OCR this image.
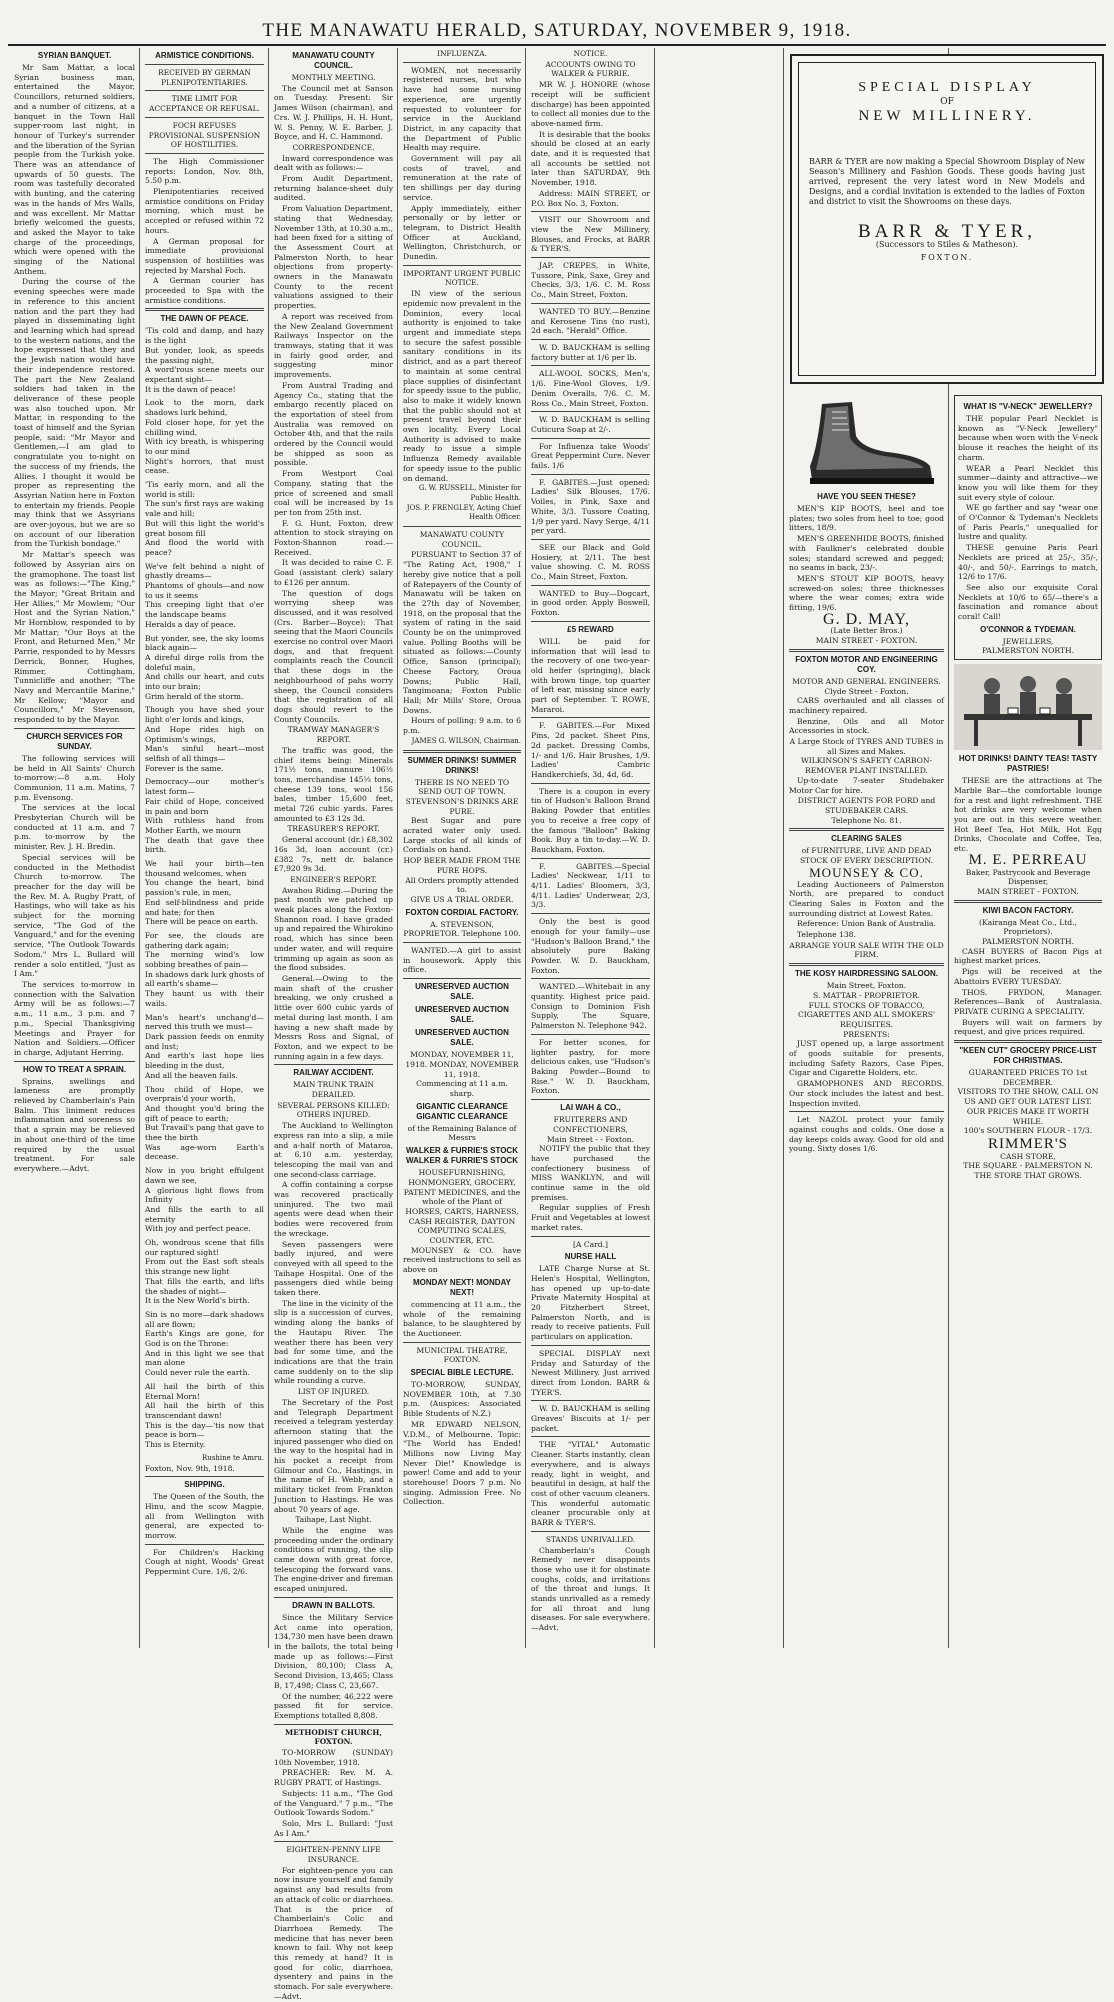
THE MANAWATU HERALD, SATURDAY, NOVEMBER 9, 1918.
SYRIAN BANQUET.

Mr Sam Mattar, a local Syrian business man, entertained the Mayor, Councillors, returned soldiers, and a number of citizens, at a banquet in the Town Hall supper-room last night, in honour of Turkey's surrender and the liberation of the Syrian people from the Turkish yoke. There was an attendance of upwards of 50 guests. The room was tastefully decorated with bunting, and the catering was in the hands of Mrs Walls, and was excellent. Mr Mattar briefly welcomed the guests, and asked the Mayor to take charge of the proceedings, which were opened with the singing of the National Anthem.

During the course of the evening speeches were made in reference to this ancient nation and the part they had played in disseminating light and learning which had spread to the western nations, and the hope expressed that they and the Jewish nation would have their independence restored. The part the New Zealand soldiers had taken in the deliverance of these people was also touched upon. Mr Mattar, in responding to the toast of himself and the Syrian people, said: "Mr Mayor and Gentlemen,—I am glad to congratulate you to-night on the success of my friends, the Allies. I thought it would be proper as representing the Assyrian Nation here in Foxton to entertain my friends. People may think that we Assyrians are over-joyous, but we are so on account of our liberation from the Turkish bondage."

Mr Mattar's speech was followed by Assyrian airs on the gramophone. The toast list was as follows:—"The King," the Mayor; "Great Britain and Her Allies," Mr Mowlem; "Our Host and the Syrian Nation," Mr Hornblow, responded to by Mr Mattar; "Our Boys at the Front, and Returned Men," Mr Parrie, responded to by Messrs Derrick, Bonner, Hughes, Rimmer, Cottingham, Tunnicliffe and another; "The Navy and Mercantile Marine," Mr Kellow; "Mayor and Councillors," Mr Stevenson, responded to by the Mayor.

CHURCH SERVICES FOR SUNDAY.

The following services will be held in All Saints' Church to-morrow:—8 a.m. Holy Communion, 11 a.m. Matins, 7 p.m. Evensong.

The services at the local Presbyterian Church will be conducted at 11 a.m. and 7 p.m. to-morrow by the minister, Rev. J. H. Bredin.

Special services will be conducted in the Methodist Church to-morrow. The preacher for the day will be the Rev. M. A. Rugby Pratt, of Hastings, who will take as his subject for the morning service, "The God of the Vanguard," and for the evening service, "The Outlook Towards Sodom." Mrs L. Bullard will render a solo entitled, "Just as I Am."

The services to-morrow in connection with the Salvation Army will be as follows:—7 a.m., 11 a.m., 3 p.m. and 7 p.m., Special Thanksgiving Meetings and Prayer for Nation and Soldiers.—Officer in charge, Adjutant Herring.

HOW TO TREAT A SPRAIN.

Sprains, swellings and lameness are promptly relieved by Chamberlain's Pain Balm. This liniment reduces inflammation and soreness so that a sprain may be relieved in about one-third of the time required by the usual treatment. For sale everywhere.—Advt.

ARMISTICE CONDITIONS.
RECEIVED BY GERMAN PLENIPOTENTIARIES.
TIME LIMIT FOR ACCEPTANCE OR REFUSAL.
FOCH REFUSES PROVISIONAL SUSPENSION OF HOSTILITIES.

The High Commissioner reports: London, Nov. 8th, 5.50 p.m.

Plenipotentiaries received armistice conditions on Friday morning, which must be accepted or refused within 72 hours.

A German proposal for immediate provisional suspension of hostilities was rejected by Marshal Foch.

A German courier has proceeded to Spa with the armistice conditions.

THE DAWN OF PEACE.

'Tis cold and damp, and hazy is the light

But yonder, look, as speeds the passing night,

A word'rous scene meets our expectant sight—

It is the dawn of peace!

Look to the morn, dark shadows lurk behind,

Fold closer hope, for yet the chilling wind,

With icy breath, is whispering to our mind

Night's horrors, that must cease.

'Tis early morn, and all the world is still:

The sun's first rays are waking vale and hill;

But will this light the world's great bosom fill

And flood the world with peace?

We've felt behind a night of ghastly dreams—

Phantoms of ghouls—and now to us it seems

This creeping light that o'er the landscape beams

Heralds a day of peace.

But yonder, see, the sky looms black again—

A direful dirge rolls from the doleful main,

And chills our heart, and cuts into our brain;

Grim herald of the storm.

Though you have shed your light o'er lords and kings,

And Hope rides high on Optimism's wings,

Man's sinful heart—most selfish of all things—

Forever is the same.

Democracy—our mother's latest form—

Fair child of Hope, conceived in pain and born

With ruthless hand from Mother Earth, we mourn

The death that gave thee birth.

We hail your birth—ten thousand welcomes, when

You change the heart, bind passion's rule, in men,

End self-blindness and pride and hate; for then

There will be peace on earth.

For see, the clouds are gathering dark again;

The morning wind's low sobbing breathes of pain—

In shadows dark lurk ghosts of all earth's shame—

They haunt us with their wails.

Man's heart's unchang'd—nerved this truth we must—

Dark passion feeds on enmity and lust;

And earth's last hope lies bleeding in the dust,

And all the heaven fails.

Thou child of Hope, we overprais'd your worth,

And thought you'd bring the gift of peace to earth;

But Travail's pang that gave to thee the birth

Was age-worn Earth's decease.

Now in you bright effulgent dawn we see,

A glorious light flows from Infinity

And fills the earth to all eternity

With joy and perfect peace.

Oh, wondrous scene that fills our raptured sight!

From out the East soft steals this strange new light

That fills the earth, and lifts the shades of night—

It is the New World's birth.

Sin is no more—dark shadows all are flown;

Earth's Kings are gone, for God is on the Throne:

And in this light we see that man alone

Could never rule the earth.

All hail the birth of this Eternal Morn!

All hail the birth of this transcendant dawn!

This is the day—'tis now that peace is born—

This is Eternity.

Rushine te Amru.
Foxton, Nov. 9th, 1918.
SHIPPING.

The Queen of the South, the Hinu, and the scow Magpie, all from Wellington with general, are expected to-morrow.

For Children's Hacking Cough at night, Woods' Great Peppermint Cure. 1/6, 2/6.

MANAWATU COUNTY COUNCIL.
MONTHLY MEETING.

The Council met at Sanson on Tuesday. Present: Sir James Wilson (chairman), and Crs. W. J. Phillips, H. H. Hunt, W. S. Penny, W. E. Barber, J. Boyce, and H. C. Hammond.

CORRESPONDENCE.

Inward correspondence was dealt with as follows:—

From Audit Department, returning balance-sheet duly audited.

From Valuation Department, stating that Wednesday, November 13th, at 10.30 a.m., had been fixed for a sitting of the Assessment Court at Palmerston North, to hear objections from property-owners in the Manawatu County to the recent valuations assigned to their properties.

A report was received from the New Zealand Government Railways Inspector on the tramways, stating that it was in fairly good order, and suggesting minor improvements.

From Austral Trading and Agency Co., stating that the embargo recently placed on the exportation of steel from Australia was removed on October 4th, and that the rails ordered by the Council would be shipped as soon as possible.

From Westport Coal Company, stating that the price of screened and small coal will be increased by 1s per ton from 25th inst.

F. G. Hunt, Foxton, drew attention to stock straying on Foxton-Shannon road.—Received.

It was decided to raise C. F. Goad (assistant clerk) salary to £126 per annum.

The question of dogs worrying sheep was discussed, and it was resolved (Crs. Barber—Boyce): That seeing that the Maori Councils exercise no control over Maori dogs, and that frequent complaints reach the Council that these dogs in the neighbourhood of pahs worry sheep, the Council considers that the registration of all dogs should revert to the County Councils.

TRAMWAY MANAGER'S REPORT.

The traffic was good, the chief items being: Minerals 171½ tons, manure 106½ tons, merchandise 145⅓ tons, cheese 139 tons, wool 156 bales, timber 15,600 feet, metal 726 cubic yards. Fares amounted to £3 12s 3d.

TREASURER'S REPORT.

General account (dr.) £8,302 16s 3d, loan account (cr.) £382 7s, nett dr. balance £7,920 9s 3d.

ENGINEER'S REPORT.

Awahou Riding.—During the past month we patched up weak places along the Foxton-Shannon road. I have graded up and repaired the Whirokino road, which has since been under water, and will require trimming up again as soon as the flood subsides.

General.—Owing to the main shaft of the crusher breaking, we only crushed a little over 600 cubic yards of metal during last month. I am having a new shaft made by Messrs Ross and Signal, of Foxton, and we expect to be running again in a few days.

RAILWAY ACCIDENT.
MAIN TRUNK TRAIN DERAILED.
SEVERAL PERSONS KILLED: OTHERS INJURED.

The Auckland to Wellington express ran into a slip, a mile and a-half north of Mataroa, at 6.10 a.m. yesterday, telescoping the mail van and one second-class carriage.

A coffin containing a corpse was recovered practically uninjured. The two mail agents were dead when their bodies were recovered from the wreckage.

Seven passengers were badly injured, and were conveyed with all speed to the Taihape Hospital. One of the passengers died while being taken there.

The line in the vicinity of the slip is a succession of curves, winding along the banks of the Hautapu River. The weather there has been very bad for some time, and the indications are that the train came suddenly on to the slip while rounding a curve.

LIST OF INJURED.

The Secretary of the Post and Telegraph Department received a telegram yesterday afternoon stating that the injured passenger who died on the way to the hospital had in his pocket a receipt from Gilmour and Co., Hastings, in the name of H. Webb, and a military ticket from Frankton Junction to Hastings. He was about 70 years of age.

Taihape, Last Night.

While the engine was proceeding under the ordinary conditions of running, the slip came down with great force, telescoping the forward vans. The engine-driver and fireman escaped uninjured.

DRAWN IN BALLOTS.

Since the Military Service Act came into operation, 134,730 men have been drawn in the ballots, the total being made up as follows:—First Division, 80,100; Class A, Second Division, 13,465; Class B, 17,498; Class C, 23,667.

Of the number, 46,222 were passed fit for service. Exemptions totalled 8,808.

METHODIST CHURCH, FOXTON.

TO-MORROW (SUNDAY) 10th November, 1918.

PREACHER: Rev. M. A. RUGBY PRATT, of Hastings.

Subjects: 11 a.m., "The God of the Vanguard." 7 p.m., "The Outlook Towards Sodom."

Solo, Mrs L. Bullard: "Just As I Am."

EIGHTEEN-PENNY LIFE INSURANCE.

For eighteen-pence you can now insure yourself and family against any bad results from an attack of colic or diarrhoea. That is the price of Chamberlain's Colic and Diarrhoea Remedy. The medicine that has never been known to fail. Why not keep this remedy at hand? It is good for colic, diarrhoea, dysentery and pains in the stomach. For sale everywhere.—Advt.

INFLUENZA.

WOMEN, not necessarily registered nurses, but who have had some nursing experience, are urgently requested to volunteer for service in the Auckland District, in any capacity that the Department of Public Health may require.

Government will pay all costs of travel, and remuneration at the rate of ten shillings per day during service.

Apply immediately, either personally or by letter or telegram, to District Health Officer at Auckland, Wellington, Christchurch, or Dunedin.

IMPORTANT URGENT PUBLIC NOTICE.

IN view of the serious epidemic now prevalent in the Dominion, every local authority is enjoined to take urgent and immediate steps to secure the safest possible sanitary conditions in its district, and as a part thereof to maintain at some central place supplies of disinfectant for speedy issue to the public, also to make it widely known that the public should not at present travel beyond their own locality. Every Local Authority is advised to make ready to issue a simple Influenza Remedy available for speedy issue to the public on demand.

G. W. RUSSELL, Minister for Public Health.
JOS. P. FRENGLEY, Acting Chief Health Officer.
MANAWATU COUNTY COUNCIL.

PURSUANT to Section 37 of "The Rating Act, 1908," I hereby give notice that a poll of Ratepayers of the County of Manawatu will be taken on the 27th day of November, 1918, on the proposal that the system of rating in the said County be on the unimproved value. Polling Booths will be situated as follows:—County Office, Sanson (principal); Cheese Factory, Oroua Downs; Public Hall, Tangimoana; Foxton Public Hall; Mr Mills' Store, Oroua Downs.

Hours of polling: 9 a.m. to 6 p.m.

JAMES G. WILSON, Chairman.
SUMMER DRINKS! SUMMER DRINKS!

THERE IS NO NEED TO SEND OUT OF TOWN. STEVENSON'S DRINKS ARE PURE.

Best Sugar and pure acrated water only used. Large stocks of all kinds of Cordials on hand.

HOP BEER MADE FROM THE PURE HOPS.

All Orders promptly attended to.

GIVE US A TRIAL ORDER.

FOXTON CORDIAL FACTORY.

A. STEVENSON, PROPRIETOR. Telephone 100.

WANTED.—A girl to assist in housework. Apply this office.

UNRESERVED AUCTION SALE.
UNRESERVED AUCTION SALE.
UNRESERVED AUCTION SALE.

MONDAY, NOVEMBER 11, 1918. MONDAY, NOVEMBER 11, 1918.

Commencing at 11 a.m. sharp.

GIGANTIC CLEARANCE GIGANTIC CLEARANCE

of the Remaining Balance of Messrs

WALKER & FURRIE'S STOCK WALKER & FURRIE'S STOCK

HOUSEFURNISHING, HONMONGERY, GROCERY, PATENT MEDICINES, and the whole of the Plant of HORSES, CARTS, HARNESS, CASH REGISTER, DAYTON COMPUTING SCALES, COUNTER, ETC.

MOUNSEY & CO. have received instructions to sell as above on

MONDAY NEXT! MONDAY NEXT!

commencing at 11 a.m., the whole of the remaining balance, to be slaughtered by the Auctioneer.

MUNICIPAL THEATRE, FOXTON.

SPECIAL BIBLE LECTURE.

TO-MORROW, SUNDAY, NOVEMBER 10th, at 7.30 p.m. (Auspices: Associated Bible Students of N.Z.)

MR EDWARD NELSON, V.D.M., of Melbourne. Topic: "The World has Ended! Millions now Living May Never Die!" Knowledge is power! Come and add to your storehouse! Doors 7 p.m. No singing. Admission Free. No Collection.

NOTICE.
ACCOUNTS OWING TO WALKER & FURRIE.

MR W. J. HONORE (whose receipt will be sufficient discharge) has been appointed to collect all monies due to the above-named firm.

It is desirable that the books should be closed at an early date, and it is requested that all accounts be settled not later than SATURDAY, 9th November, 1918.

Address: MAIN STREET, or P.O. Box No. 3, Foxton.

VISIT our Showroom and view the New Millinery, Blouses, and Frocks, at BARR & TYER'S.

JAP. CREPES, in White, Tussore, Pink, Saxe, Grey and Checks, 3/3, 1/6. C. M. Ross Co., Main Street, Foxton.

WANTED TO BUY.—Benzine and Kerosene Tins (no rust), 2d each. "Herald" Office.

W. D. BAUCKHAM is selling factory butter at 1/6 per lb.

ALL-WOOL SOCKS, Men's, 1/6. Fine-Wool Gloves, 1/9. Denim Overalls, 7/6. C. M. Ross Co., Main Street, Foxton.

W. D. BAUCKHAM is selling Cuticura Soap at 2/-.

For Influenza take Woods' Great Peppermint Cure. Never fails. 1/6

F. GABITES.—Just opened: Ladies' Silk Blouses, 17/6. Voiles, in Pink, Saxe and White, 3/3. Tussore Coating, 1/9 per yard. Navy Serge, 4/11 per yard.

SEE our Black and Gold Hosiery, at 2/11. The best value showing. C. M. ROSS Co., Main Street, Foxton.

WANTED to Buy—Dogcart, in good order. Apply Boswell, Foxton.

£5 REWARD

WILL be paid for information that will lead to the recovery of one two-year-old heifer (springing), black with brown tinge, top quarter of left ear, missing since early part of September. T. ROWE, Mararoi.

F. GABITES.—For Mixed Pins, 2d packet. Sheet Pins, 2d packet. Dressing Combs, 1/- and 1/6. Hair Brushes, 1/9. Ladies' Cambric Handkerchiefs, 3d, 4d, 6d.

There is a coupon in every tin of Hudson's Balloon Brand Baking Powder that entitles you to receive a free copy of the famous "Balloon" Baking Book. Buy a tin to-day.—W. D. Bauckham, Foxton.

F. GABITES.—Special Ladies' Neckwear, 1/11 to 4/11. Ladies' Bloomers, 3/3, 4/11. Ladies' Underwear, 2/3, 3/3.

Only the best is good enough for your family—use "Hudson's Balloon Brand," the absolutely pure Baking Powder. W. D. Bauckham, Foxton.

WANTED.—Whitebait in any quantity. Highest price paid. Consign to Dominion Fish Supply, The Square, Palmerston N. Telephone 942.

For better scones, for lighter pastry, for more delicious cakes, use "Hudson's Baking Powder—Bound to Rise." W. D. Bauckham, Foxton.

LAI WAH & CO.,

FRUITERERS AND CONFECTIONERS,

Main Street - - Foxton.

NOTIFY the public that they have purchased the confectionery business of MISS WANKLYN, and will continue same in the old premises.

Regular supplies of Fresh Fruit and Vegetables at lowest market rates.

[A Card.]

NURSE HALL

LATE Charge Nurse at St. Helen's Hospital, Wellington, has opened up up-to-date Private Maternity Hospital at 20 Fitzherbert Street, Palmerston North, and is ready to receive patients. Full particulars on application.

SPECIAL DISPLAY next Friday and Saturday of the Newest Millinery. Just arrived direct from London. BARR & TYER'S.

W. D. BAUCKHAM is selling Greaves' Biscuits at 1/- per packet.

THE "VITAL" Automatic Cleaner. Starts instantly, clean everywhere, and is always ready, light in weight, and beautiful in design, at half the cost of other vacuum cleaners. This wonderful automatic cleaner procurable only at BARR & TYER'S.

STANDS UNRIVALLED.

Chamberlain's Cough Remedy never disappoints those who use it for obstinate coughs, colds, and irritations of the throat and lungs. It stands unrivalled as a remedy for all throat and lung diseases. For sale everywhere.—Advt.

SPECIAL DISPLAY
OF
NEW MILLINERY.

BARR & TYER are now making a Special Showroom Display of New Season's Millinery and Fashion Goods. These goods having just arrived, represent the very latest word in New Models and Designs, and a cordial invitation is extended to the ladies of Foxton and district to visit the Showrooms on these days.

BARR & TYER,
(Successors to Stiles & Matheson).
FOXTON.
HAVE YOU SEEN THESE?

MEN'S KIP BOOTS, heel and toe plates; two soles from heel to toe; good litters, 18/9.

MEN'S GREENHIDE BOOTS, finished with Faulkner's celebrated double soles; standard screwed and pegged; no seams in back, 23/-.

MEN'S STOUT KIP BOOTS, heavy screwed-on soles; three thicknesses where the wear comes; extra wide fitting, 19/6.

G. D. MAY,

(Late Better Bros.)

MAIN STREET - FOXTON.

FOXTON MOTOR AND ENGINEERING COY.

MOTOR AND GENERAL ENGINEERS.

Clyde Street - Foxton.

CARS overhauled and all classes of machinery repaired.

Benzine, Oils and all Motor Accessories in stock.

A Large Stock of TYRES AND TUBES in all Sizes and Makes.

WILKINSON'S SAFETY CARBON-REMOVER PLANT INSTALLED.

Up-to-date 7-seater Studebaker Motor Car for hire.

DISTRICT AGENTS FOR FORD and STUDEBAKER CARS.

Telephone No. 81.

CLEARING SALES

of FURNITURE, LIVE AND DEAD STOCK OF EVERY DESCRIPTION.

MOUNSEY & CO.

Leading Auctioneers of Palmerston North, are prepared to conduct Clearing Sales in Foxton and the surrounding district at Lowest Rates.

Reference: Union Bank of Australia.

Telephone 138.

ARRANGE YOUR SALE WITH THE OLD FIRM.

THE KOSY HAIRDRESSING SALOON.

Main Street, Foxton.

S. MATTAR - PROPRIETOR.

FULL STOCKS OF TOBACCO, CIGARETTES AND ALL SMOKERS' REQUISITES.

PRESENTS:

JUST opened up, a large assortment of goods suitable for presents, including Safety Razors, Case Pipes, Cigar and Cigarette Holders, etc.

GRAMOPHONES AND RECORDS. Our stock includes the latest and best. Inspection invited.

Let NAZOL protect your family against coughs and colds. One dose a day keeps colds away. Good for old and young. Sixty doses 1/6.

WHAT IS "V-NECK" JEWELLERY?

THE popular Pearl Necklet is known as "V-Neck Jewellery" because when worn with the V-neck blouse it reaches the height of its charm.

WEAR a Pearl Necklet this summer—dainty and attractive—we know you will like them for they suit every style of colour.

WE go farther and say "wear one of O'Connor & Tydeman's Necklets of Paris Pearls," unequalled for lustre and quality.

THESE genuine Paris Pearl Necklets are priced at 25/-, 35/-, 40/-, and 50/-. Earrings to match, 12/6 to 17/6.

See also our exquisite Coral Necklets at 10/6 to 65/—there's a fascination and romance about coral! Call!

O'CONNOR & TYDEMAN.

JEWELLERS,

PALMERSTON NORTH.

HOT DRINKS! DAINTY TEAS! TASTY PASTRIES!

THESE are the attractions at The Marble Bar—the comfortable lounge for a rest and light refreshment. THE hot drinks are very welcome when you are out in this severe weather. Hot Beef Tea, Hot Milk, Hot Egg Drinks, Chocolate and Coffee, Tea, etc.

M. E. PERREAU

Baker, Pastrycook and Beverage Dispenser,

MAIN STREET - FOXTON.

KIWI BACON FACTORY.

(Kairanga Meat Co., Ltd., Proprietors).

PALMERSTON NORTH.

CASH BUYERS of Bacon Pigs at highest market prices.

Pigs will be received at the Abattoirs EVERY TUESDAY.

THOS. FRYDON, Manager. References—Bank of Australasia. PRIVATE CURING A SPECIALITY.

Buyers will wait on farmers by request, and give prices required.

"KEEN CUT" GROCERY PRICE-LIST FOR CHRISTMAS.

GUARANTEED PRICES TO 1st DECEMBER.

VISITORS TO THE SHOW, CALL ON US AND GET OUR LATEST LIST.

OUR PRICES MAKE IT WORTH WHILE.

100's SOUTHERN FLOUR - 17/3.

RIMMER'S

CASH STORE,

THE SQUARE - PALMERSTON N.

THE STORE THAT GROWS.
